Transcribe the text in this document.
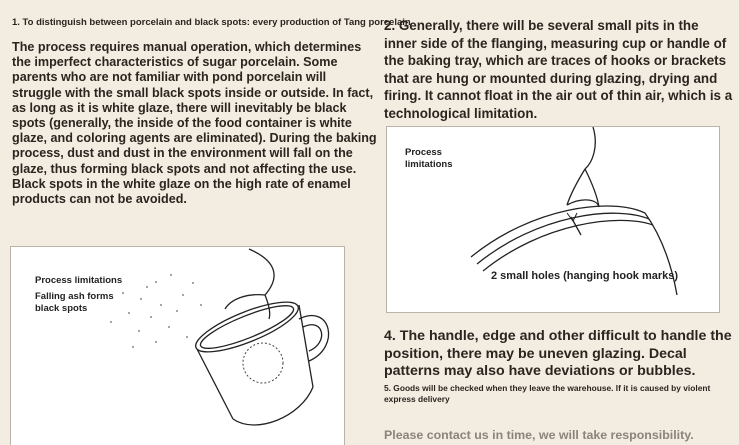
1. To distinguish between porcelain and black spots: every production of Tang porcelain
The process requires manual operation, which determines the imperfect characteristics of sugar porcelain. Some parents who are not familiar with pond porcelain will struggle with the small black spots inside or outside. In fact, as long as it is white glaze, there will inevitably be black spots (generally, the inside of the food container is white glaze, and coloring agents are eliminated). During the baking process, dust and dust in the environment will fall on the glaze, thus forming black spots and not affecting the use. Black spots in the white glaze on the high rate of enamel products can not be avoided.
2. Generally, there will be several small pits in the inner side of the flanging, measuring cup or handle of the baking tray, which are traces of hooks or brackets that are hung or mounted during glazing, drying and firing. It cannot float in the air out of thin air, which is a technological limitation.
Process limitations
Falling ash forms black spots
Process limitations
2 small holes (hanging hook marks)
4. The handle, edge and other difficult to handle the position, there may be uneven glazing. Decal patterns may also have deviations or bubbles.
5. Goods will be checked when they leave the warehouse. If it is caused by violent express delivery
Please contact us in time, we will take responsibility.
